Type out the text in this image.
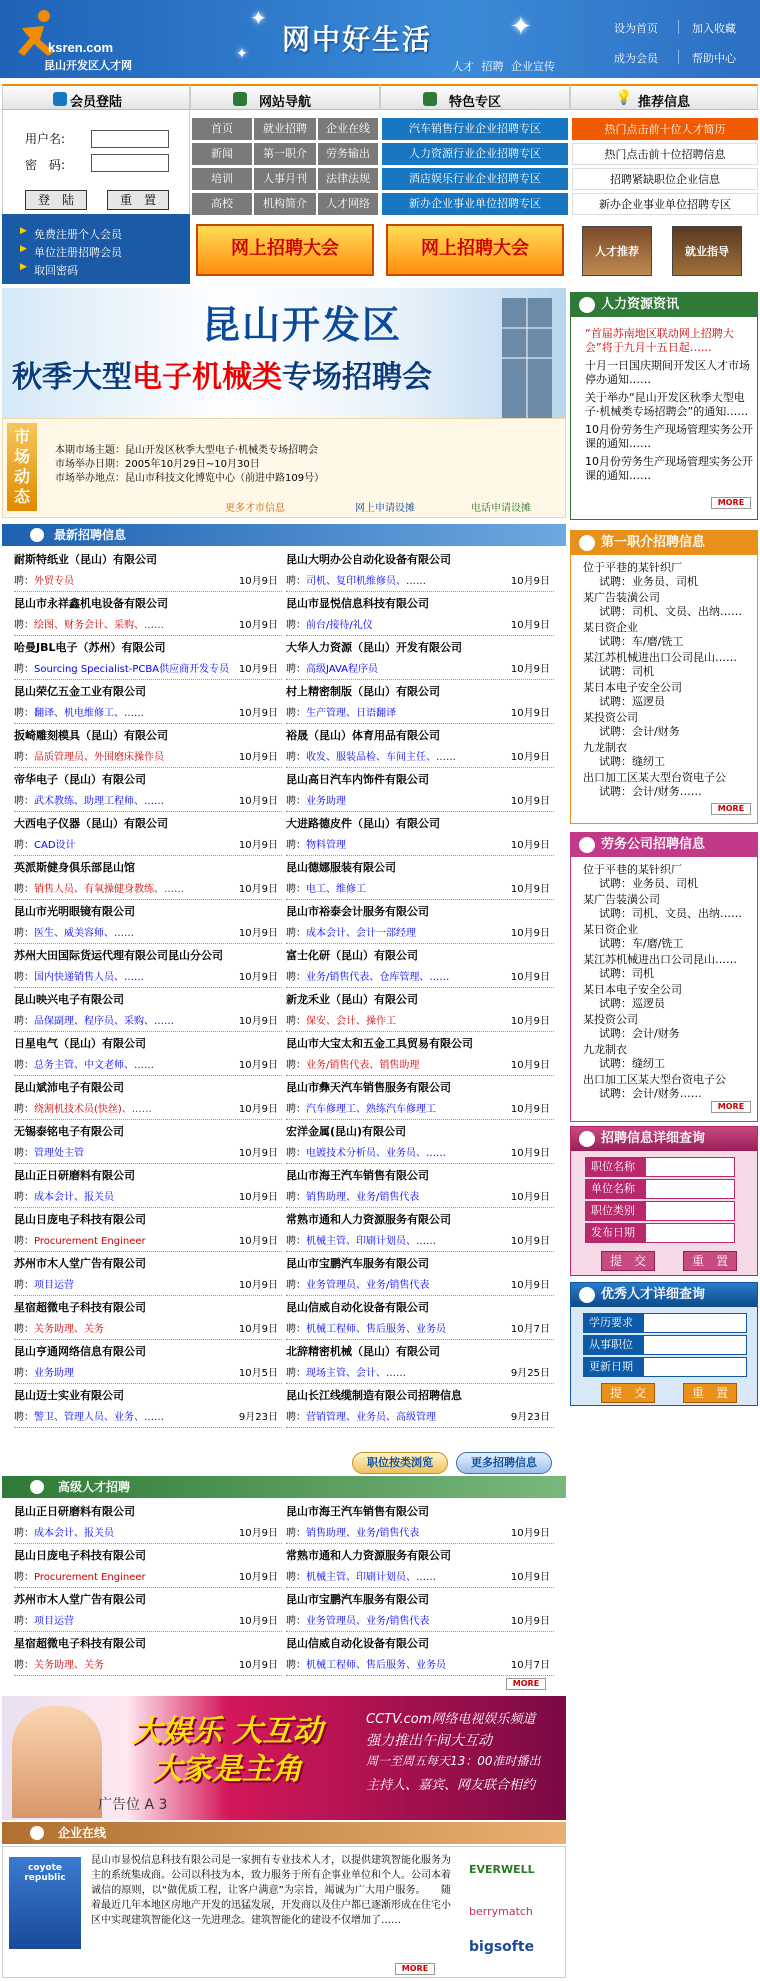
ksren.com
昆山开发区人才网
✦	✦
✦ 网中好生活
人才 招聘 企业宣传
设为首页	加入收藏
成为会员	帮助中心
会员登陆	网站导航	特色专区	💡 推荐信息
用户名:
密　码:
登　陆	重　置
免费注册个人会员
单位注册招聘会员
取回密码
▶
▶
▶
首页	就业招聘	企业在线
新闻	第一职介	劳务输出
培训	人事月刊	法律法规
高校	机构简介	人才网络
网上招聘大会
汽车销售行业企业招聘专区
人力资源行业企业招聘专区
酒店娱乐行业企业招聘专区
新办企业事业单位招聘专区
网上招聘大会
热门点击前十位人才简历
热门点击前十位招聘信息
招聘紧缺职位企业信息
新办企业事业单位招聘专区
人才推荐	就业指导
昆山开发区
秋季大型电子机械类专场招聘会
市场动态
本期市场主题：昆山开发区秋季大型电子·机械类专场招聘会
市场举办日期：2005年10月29日~10月30日
市场举办地点：昆山市科技文化博览中心（前进中路109号）
更多才市信息	网上申请设摊	电话申请设摊
人力资源资讯
“首届苏南地区联动网上招聘大会”将于九月十五日起……
十月一日国庆期间开发区人才市场停办通知……
关于举办“昆山开发区秋季大型电子·机械类专场招聘会”的通知……
10月份劳务生产现场管理实务公开课的通知……
10月份劳务生产现场管理实务公开课的通知……
MORE
第一职介招聘信息
位于平巷的某针织厂
试聘：业务员、司机
某广告装潢公司
试聘：司机、文员、出纳……
某日资企业
试聘：车/磨/铣工
某江苏机械进出口公司昆山……
试聘：司机
某日本电子安全公司
试聘：巡逻员
某投资公司
试聘：会计/财务
九龙制衣
试聘：缝纫工
出口加工区某大型台资电子公
试聘：会计/财务……
MORE
劳务公司招聘信息
位于平巷的某针织厂
试聘：业务员、司机
某广告装潢公司
试聘：司机、文员、出纳……
某日资企业
试聘：车/磨/铣工
某江苏机械进出口公司昆山……
试聘：司机
某日本电子安全公司
试聘：巡逻员
某投资公司
试聘：会计/财务
九龙制衣
试聘：缝纫工
出口加工区某大型台资电子公
试聘：会计/财务……
MORE
招聘信息详细查询
职位名称
单位名称
职位类别
发布日期
提　交	重　置
优秀人才详细查询
学历要求
从事职位
更新日期
提　交	重　置
最新招聘信息
耐斯特纸业（昆山）有限公司
聘：外贸专员	10月9日
昆山大明办公自动化设备有限公司
聘：司机、复印机维修员、……	10月9日
昆山市永祥鑫机电设备有限公司
聘：绘图、财务会计、采购、……	10月9日
昆山市显悦信息科技有限公司
聘：前台/接待/礼仪	10月9日
哈曼JBL电子（苏州）有限公司
聘：Sourcing Specialist-PCBA供应商开发专员 10月9日
大华人力资源（昆山）开发有限公司
聘：高级JAVA程序员	10月9日
昆山荣亿五金工业有限公司
聘：翻译、机电维修工、……	10月9日
村上精密制版（昆山）有限公司
聘：生产管理、日语翻译	10月9日
扳崎雕刻模具（昆山）有限公司
聘：品质管理员、外围磨床操作员	10月9日
裕晟（昆山）体育用品有限公司
聘：收发、服装品检、车间主任、……	10月9日
帝华电子（昆山）有限公司
聘：武术教练、助理工程师、……	10月9日
昆山高日汽车内饰件有限公司
聘：业务助理	10月9日
大西电子仪器（昆山）有限公司
聘：CAD设计	10月9日
大进路德皮件（昆山）有限公司
聘：物料管理	10月9日
英派斯健身俱乐部昆山馆
聘：销售人员、有氧操健身教练、……	10月9日
昆山德娜服装有限公司
聘：电工、维修工	10月9日
昆山市光明眼镜有限公司
聘：医生、威美容师、……	10月9日
昆山市裕泰会计服务有限公司
聘：成本会计、会计一部经理	10月9日
苏州大田国际货运代理有限公司昆山分公司
聘：国内快递销售人员、……	10月9日
富士化研（昆山）有限公司
聘：业务/销售代表、仓库管理、……	10月9日
昆山映兴电子有限公司
聘：品保副理、程序员、采购、……	10月9日
新龙禾业（昆山）有限公司
聘：保安、会计、操作工	10月9日
日星电气（昆山）有限公司
聘：总务主管、中文老师、……	10月9日
昆山市大宝太和五金工具贸易有限公司
聘：业务/销售代表、销售助理	10月9日
昆山斌沛电子有限公司
聘：绕割机技术员(快丝)、……	10月9日
昆山市彝天汽车销售服务有限公司
聘：汽车修理工、熟练汽车修理工	10月9日
无锡泰铭电子有限公司
聘：管理处主管	10月9日
宏洋金属(昆山)有限公司
聘：电镀技术分析员、业务员、……	10月9日
昆山正日研磨料有限公司
聘：成本会计、报关员	10月9日
昆山市海王汽车销售有限公司
聘：销售助理、业务/销售代表	10月9日
昆山日庞电子科技有限公司
聘：Procurement Engineer	10月9日
常熟市通和人力资源服务有限公司
聘：机械主管、印刷计划员、……	10月9日
苏州市木人堂广告有限公司
聘：项目运营	10月9日
昆山市宝鹏汽车服务有限公司
聘：业务管理员、业务/销售代表	10月9日
星宿超微电子科技有限公司
聘：关务助理、关务	10月9日
昆山信威自动化设备有限公司
聘：机械工程师、售后服务、业务员	10月7日
昆山亨通网络信息有限公司
聘：业务助理	10月5日
北辞精密机械（昆山）有限公司
聘：现场主管、会计、……	9月25日
昆山迈士实业有限公司
聘：警卫、管理人员、业务、……	9月23日
昆山长江线缆制造有限公司招聘信息
聘：营销管理、业务员、高级管理	9月23日
职位按类浏览	更多招聘信息
高级人才招聘
昆山正日研磨料有限公司
聘：成本会计、报关员	10月9日
昆山市海王汽车销售有限公司
聘：销售助理、业务/销售代表	10月9日
昆山日庞电子科技有限公司
聘：Procurement Engineer	10月9日
常熟市通和人力资源服务有限公司
聘：机械主管、印刷计划员、……	10月9日
苏州市木人堂广告有限公司
聘：项目运营	10月9日
昆山市宝鹏汽车服务有限公司
聘：业务管理员、业务/销售代表	10月9日
星宿超微电子科技有限公司
聘：关务助理、关务	10月9日
昆山信威自动化设备有限公司
聘：机械工程师、售后服务、业务员	10月7日
MORE
大娱乐 大互动
大家是主角
CCTV.com网络电视娱乐频道
强力推出午间大互动
周一至周五每天13：00准时播出
主持人、嘉宾、网友联合相约
广告位 A 3
企业在线
coyote republic
昆山市显悦信息科技有限公司是一家拥有专业技术人才，以提供建筑智能化服务为主的系统集成商。公司以科技为本，致力服务于所有企事业单位和个人。公司本着诚信的原则，以“做优质工程，让客户满意”为宗旨，竭诚为广大用户服务。　　随着最近几年本地区房地产开发的迅猛发展，开发商以及住户都已逐渐形成在住宅小区中实现建筑智能化这一先进理念。建筑智能化的建设不仅增加了……
EVERWELL
berrymatch
bigsofte
MORE
